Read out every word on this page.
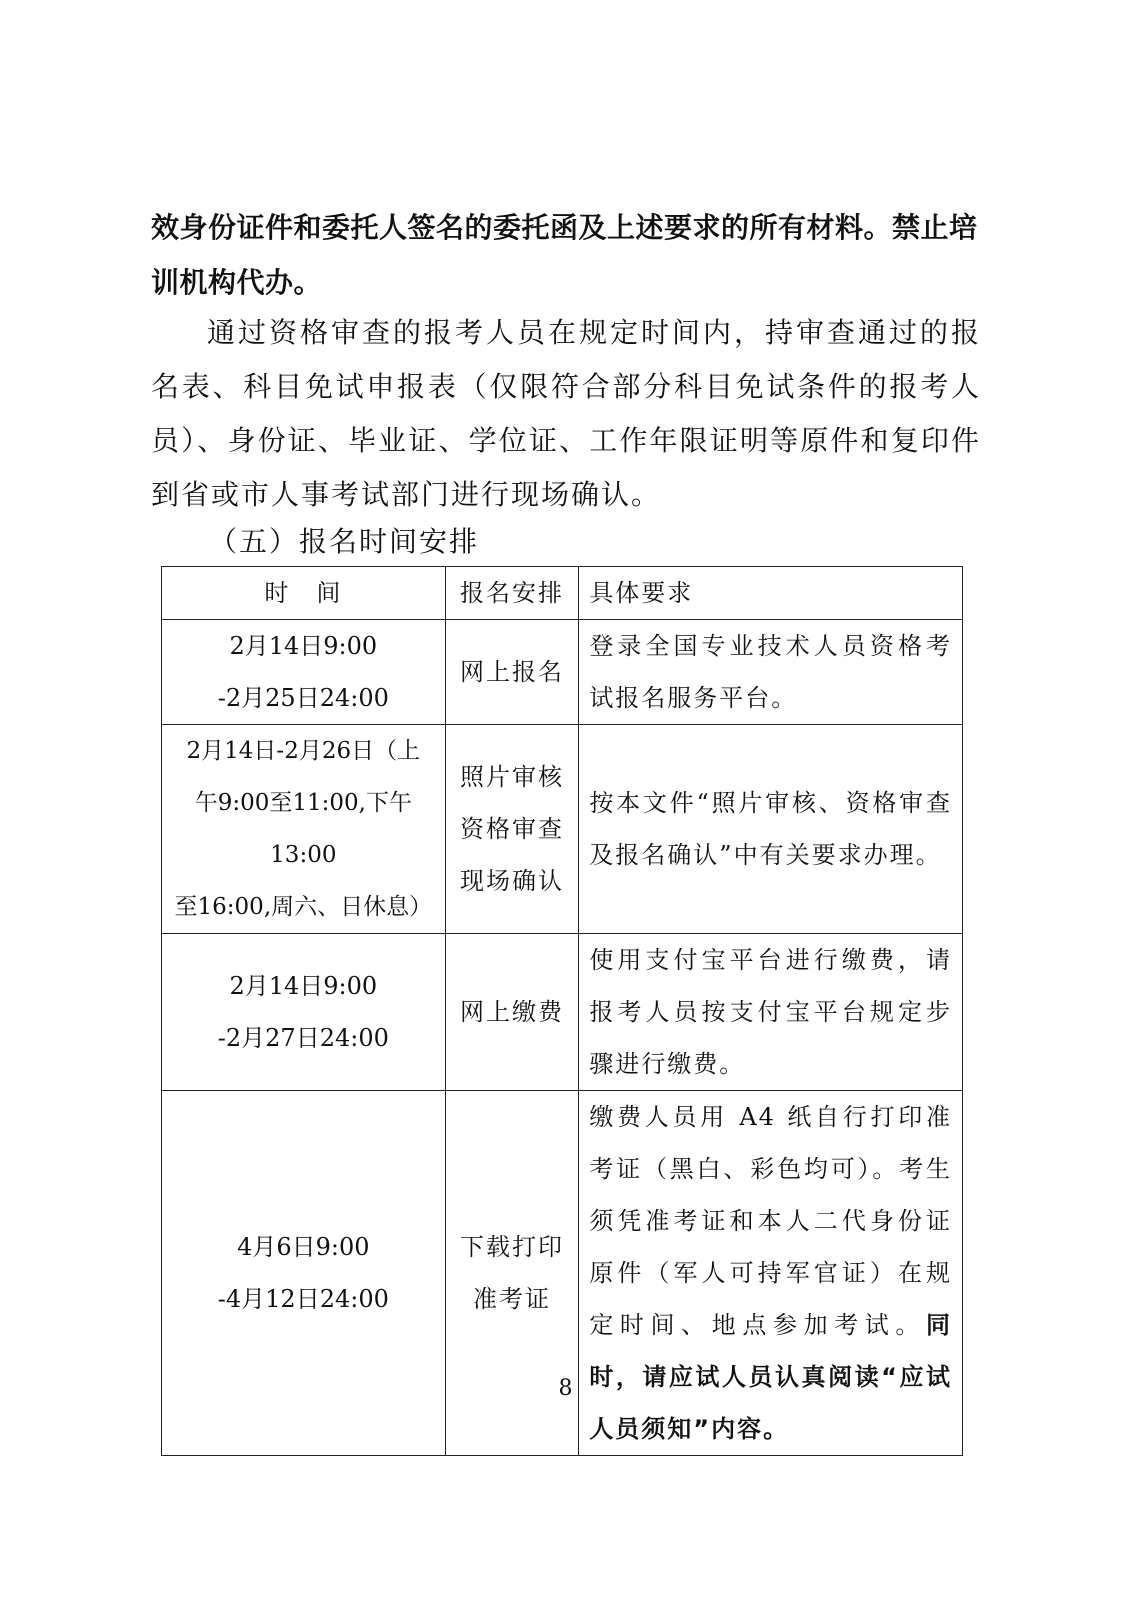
效身份证件和委托人签名的委托函及上述要求的所有材料。禁止培训机构代办。
通过资格审查的报考人员在规定时间内，持审查通过的报名表、科目免试申报表（仅限符合部分科目免试条件的报考人员）、身份证、毕业证、学位证、工作年限证明等原件和复印件到省或市人事考试部门进行现场确认。
（五）报名时间安排
时　间	报名安排	具体要求

2月14日9:00
-2月25日24:00	网上报名	登录全国专业技术人员资格考试报名服务平台。

2月14日-2月26日（上
午9:00至11:00,下午13:00
至16:00,周六、日休息）	照片审核
资格审查
现场确认	按本文件“照片审核、资格审查及报名确认”中有关要求办理。

2月14日9:00
-2月27日24:00	网上缴费	使用支付宝平台进行缴费，请报考人员按支付宝平台规定步骤进行缴费。

4月6日9:00
-4月12日24:00	下载打印
准考证	缴费人员用 A4 纸自行打印准考证（黑白、彩色均可）。考生须凭准考证和本人二代身份证原件（军人可持军官证）在规定时间、地点参加考试。同时，请应试人员认真阅读“应试人员须知”内容。
8
